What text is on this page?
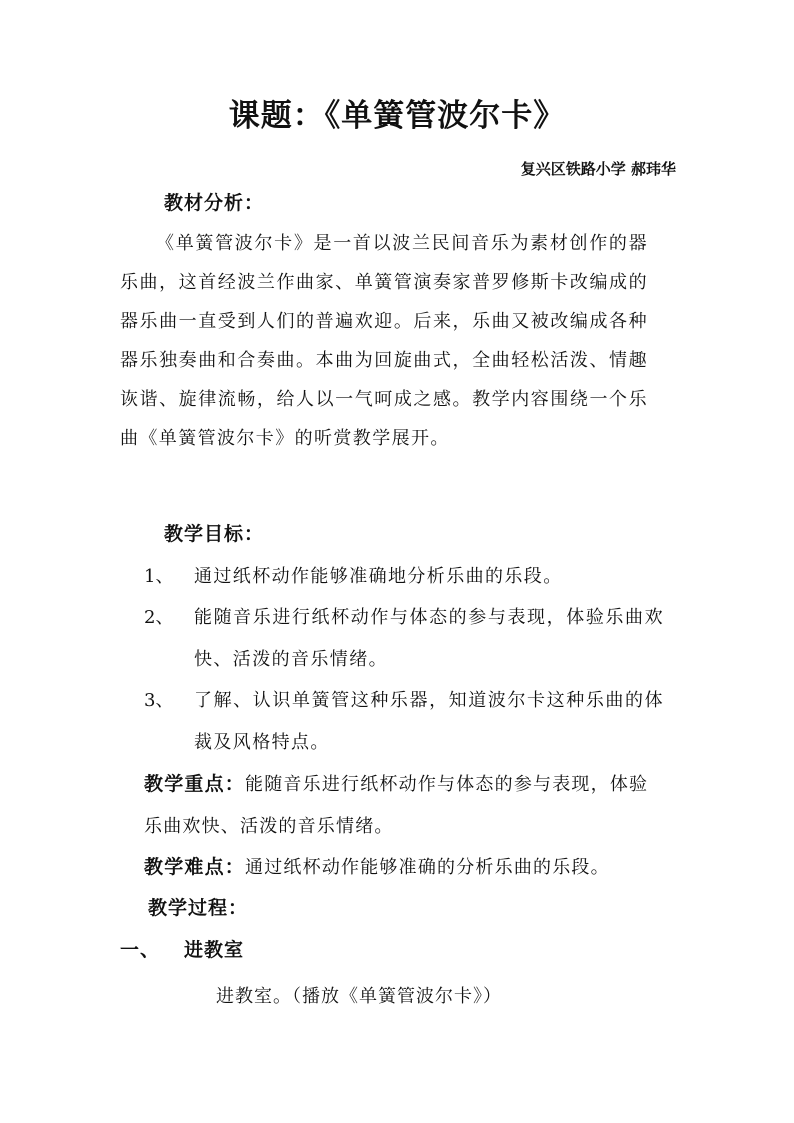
课题：《单簧管波尔卡》
复兴区铁路小学 郝玮华
教材分析：
《单簧管波尔卡》是一首以波兰民间音乐为素材创作的器乐曲，这首经波兰作曲家、单簧管演奏家普罗修斯卡改编成的器乐曲一直受到人们的普遍欢迎。后来，乐曲又被改编成各种器乐独奏曲和合奏曲。本曲为回旋曲式，全曲轻松活泼、情趣诙谐、旋律流畅，给人以一气呵成之感。教学内容围绕一个乐曲《单簧管波尔卡》的听赏教学展开。
教学目标：
1、	通过纸杯动作能够准确地分析乐曲的乐段。
2、	能随音乐进行纸杯动作与体态的参与表现，体验乐曲欢快、活泼的音乐情绪。
3、	了解、认识单簧管这种乐器，知道波尔卡这种乐曲的体裁及风格特点。
教学重点：能随音乐进行纸杯动作与体态的参与表现，体验乐曲欢快、活泼的音乐情绪。
教学难点：通过纸杯动作能够准确的分析乐曲的乐段。
教学过程：
一、 进教室
进教室。（播放《单簧管波尔卡》）
